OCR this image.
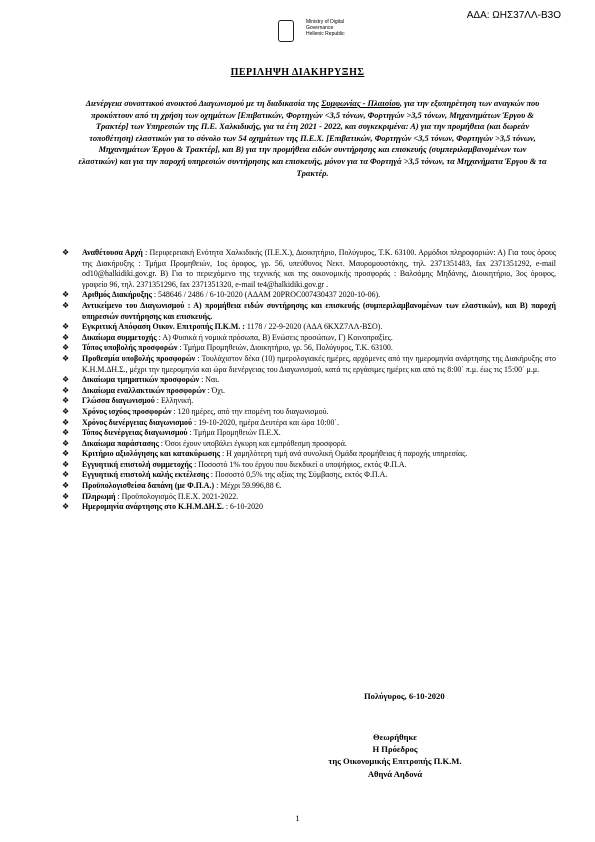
ΑΔΑ: ΩΗΣ37ΛΛ-Β3Ο
Ministry of Digital
Governance
Hellenic Republic
ΠΕΡΙΛΗΨΗ ΔΙΑΚΗΡΥΞΗΣ
Διενέργεια συνοπτικού ανοικτού Διαγωνισμού με τη διαδικασία της Συμφωνίας - Πλαισίου, για την εξυπηρέτηση των αναγκών που προκύπτουν από τη χρήση των οχημάτων [Επιβατικών, Φορτηγών <3,5 τόνων, Φορτηγών >3,5 τόνων, Μηχανημάτων Έργου & Τρακτέρ] των Υπηρεσιών της Π.Ε. Χαλκιδικής, για τα έτη 2021 - 2022, και συγκεκριμένα: Α) για την προμήθεια (και δωρεάν τοποθέτηση) ελαστικών για το σύνολο των 54 οχημάτων της Π.Ε.Χ. [Επιβατικών, Φορτηγών <3,5 τόνων, Φορτηγών >3,5 τόνων, Μηχανημάτων Έργου & Τρακτέρ], και Β) για την προμήθεια ειδών συντήρησης και επισκευής (συμπεριλαμβανομένων των ελαστικών) και για την παροχή υπηρεσιών συντήρησης και επισκευής, μόνον για τα Φορτηγά >3,5 τόνων, τα Μηχανήματα Έργου & τα Τρακτέρ.
❖ Αναθέτουσα Αρχή : Περιφερειακή Ενότητα Χαλκιδικής (Π.Ε.Χ.), Διοικητήριο, Πολύγυρος, Τ.Κ. 63100. Αρμόδιοι πληροφοριών: Α) Για τους όρους της Διακήρυξης : Τμήμα Προμηθειών, 1ος όροφος, γρ. 56, υπεύθυνος Νεκτ. Μαυρομουστάκης, τηλ. 2371351483, fax 2371351292, e-mail od10@halkidiki.gov.gr. Β) Για το περιεχόμενο της τεχνικής και της οικονομικής προσφοράς : Βαλσάμης Μηδάνης, Διοικητήριο, 3ος όροφος, γραφείο 96, τηλ. 2371351296, fax 2371351320, e-mail te4@halkidiki.gov.gr .
❖ Αριθμός Διακήρυξης : 548646 / 2486 / 6-10-2020 (ΑΔΑΜ 20PROC007430437 2020-10-06).
❖ Αντικείμενο του Διαγωνισμού : Α) προμήθεια ειδών συντήρησης και επισκευής (συμπεριλαμβανομένων των ελαστικών), και Β) παροχή υπηρεσιών συντήρησης και επισκευής.
❖ Εγκριτική Απόφαση Οικον. Επιτροπής Π.Κ.Μ. : 1178 / 22-9-2020 (ΑΔΑ 6ΚΧΖ7ΛΛ-ΒΣΟ).
❖ Δικαίωμα συμμετοχής : Α) Φυσικά ή νομικά πρόσωπα, Β) Ενώσεις προσώπων, Γ) Κοινοπραξίες.
❖ Τόπος υποβολής προσφορών : Τμήμα Προμηθειών, Διοικητήριο, γρ. 56, Πολύγυρος, Τ.Κ. 63100.
❖ Προθεσμία υποβολής προσφορών : Τουλάχιστον δέκα (10) ημερολογιακές ημέρες, αρχόμενες από την ημερομηνία ανάρτησης της Διακήρυξης στο Κ.Η.Μ.ΔΗ.Σ., μέχρι την ημερομηνία και ώρα διενέργειας του Διαγωνισμού, κατά τις εργάσιμες ημέρες και από τις 8:00΄ π.μ. έως τις 15:00΄ μ.μ.
❖ Δικαίωμα τμηματικών προσφορών : Ναι.
❖ Δικαίωμα εναλλακτικών προσφορών : Όχι.
❖ Γλώσσα διαγωνισμού : Ελληνική.
❖ Χρόνος ισχύος προσφορών : 120 ημέρες, από την επομένη του διαγωνισμού.
❖ Χρόνος διενέργειας διαγωνισμού : 19-10-2020, ημέρα Δευτέρα και ώρα 10:00΄.
❖ Τόπος διενέργειας διαγωνισμού : Τμήμα Προμηθειών Π.Ε.Χ.
❖ Δικαίωμα παράστασης : Όσοι έχουν υποβάλει έγκυρη και εμπρόθεσμη προσφορά.
❖ Κριτήριο αξιολόγησης και κατακύρωσης : Η χαμηλότερη τιμή ανά συνολική Ομάδα προμήθειας ή παροχής υπηρεσίας.
❖ Εγγυητική επιστολή συμμετοχής : Ποσοστό 1% του έργου που διεκδικεί ο υποψήφιος, εκτός Φ.Π.Α.
❖ Εγγυητική επιστολή καλής εκτέλεσης : Ποσοστό 0,5% της αξίας της Σύμβασης, εκτός Φ.Π.Α.
❖ Προϋπολογισθείσα δαπάνη (με Φ.Π.Α.) : Μέχρι 59.996,88 €.
❖ Πληρωμή : Προϋπολογισμός Π.Ε.Χ. 2021-2022.
❖ Ημερομηνία ανάρτησης στο Κ.Η.Μ.ΔΗ.Σ. : 6-10-2020
Πολύγυρος, 6-10-2020
Θεωρήθηκε
Η Πρόεδρος
της Οικονομικής Επιτροπής Π.Κ.Μ.
Αθηνά Αηδονά
1
